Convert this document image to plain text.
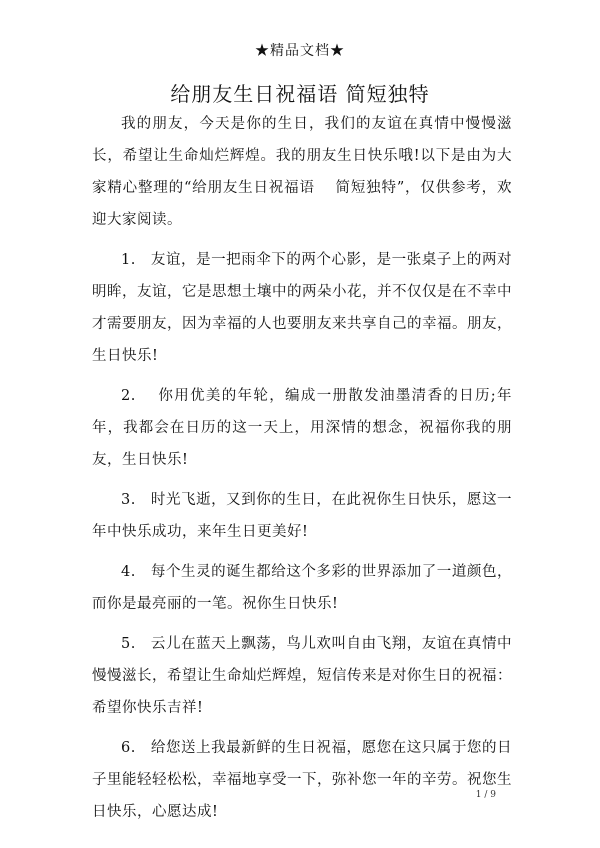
★精品文档★
给朋友生日祝福语 简短独特

我的朋友，今天是你的生日，我们的友谊在真情中慢慢滋长，希望让生命灿烂辉煌。我的朋友生日快乐哦!以下是由为大家精心整理的“给朋友生日祝福语　 简短独特”，仅供参考，欢迎大家阅读。

1.　友谊，是一把雨伞下的两个心影，是一张桌子上的两对明眸，友谊，它是思想土壤中的两朵小花，并不仅仅是在不幸中才需要朋友，因为幸福的人也要朋友来共享自己的幸福。朋友，生日快乐!

2.　 你用优美的年轮，编成一册散发油墨清香的日历;年年，我都会在日历的这一天上，用深情的想念，祝福你我的朋友，生日快乐!

3.　时光飞逝，又到你的生日，在此祝你生日快乐，愿这一年中快乐成功，来年生日更美好!

4.　每个生灵的诞生都给这个多彩的世界添加了一道颜色，而你是最亮丽的一笔。祝你生日快乐!

5.　云儿在蓝天上飘荡，鸟儿欢叫自由飞翔，友谊在真情中慢慢滋长，希望让生命灿烂辉煌，短信传来是对你生日的祝福：希望你快乐吉祥!

6.　给您送上我最新鲜的生日祝福，愿您在这只属于您的日子里能轻轻松松，幸福地享受一下，弥补您一年的辛劳。祝您生日快乐，心愿达成!

1 / 9
